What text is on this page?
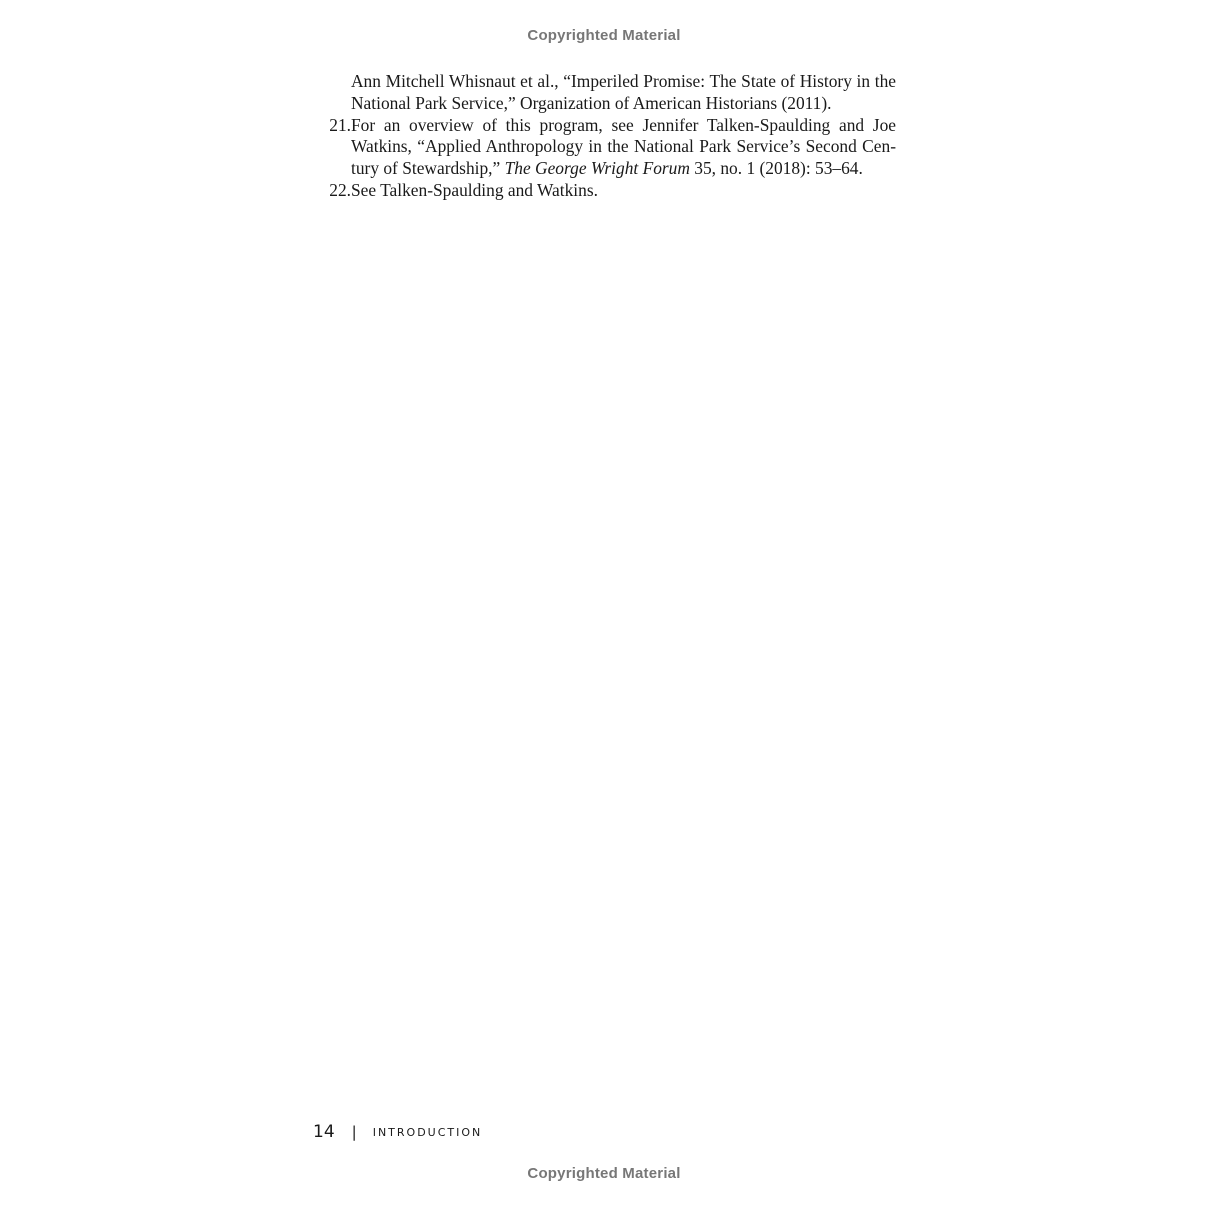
Copyrighted Material
Ann Mitchell Whisnaut et al., “Imperiled Promise: The State of History in the National Park Service,” Organization of American Historians (2011).
21. For an overview of this program, see Jennifer Talken-Spaulding and Joe Watkins, “Applied Anthropology in the National Park Service’s Second Century of Stewardship,” The George Wright Forum 35, no. 1 (2018): 53–64.
22. See Talken-Spaulding and Watkins.
14 | INTRODUCTION
Copyrighted Material
